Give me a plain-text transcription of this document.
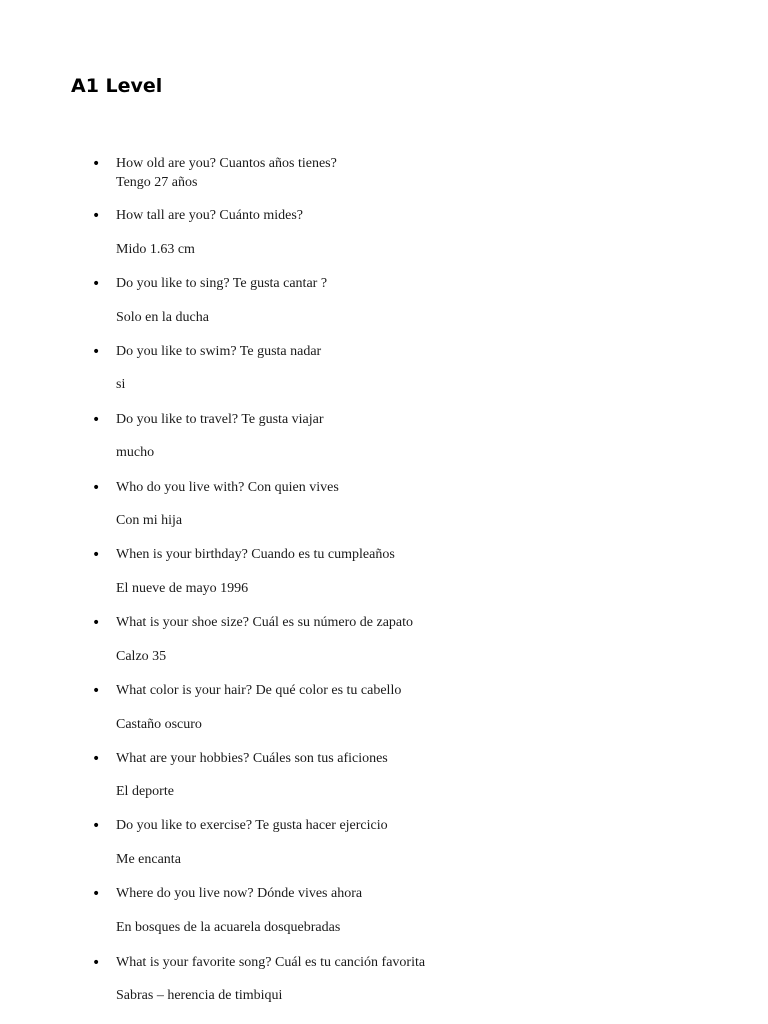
A1 Level
• How old are you? Cuantos años tienes?
Tengo 27 años
• How tall are you? Cuánto mides?
Mido 1.63 cm
• Do you like to sing? Te gusta cantar ?
Solo en la ducha
• Do you like to swim? Te gusta nadar
si
• Do you like to travel? Te gusta viajar
mucho
• Who do you live with? Con quien vives
Con mi hija
• When is your birthday? Cuando es tu cumpleaños
El nueve de mayo 1996
• What is your shoe size? Cuál es su número de zapato
Calzo 35
• What color is your hair? De qué color es tu cabello
Castaño oscuro
• What are your hobbies? Cuáles son tus aficiones
El deporte
• Do you like to exercise? Te gusta hacer ejercicio
Me encanta
• Where do you live now? Dónde vives ahora
En bosques de la acuarela dosquebradas
• What is your favorite song? Cuál es tu canción favorita
Sabras – herencia de timbiqui
